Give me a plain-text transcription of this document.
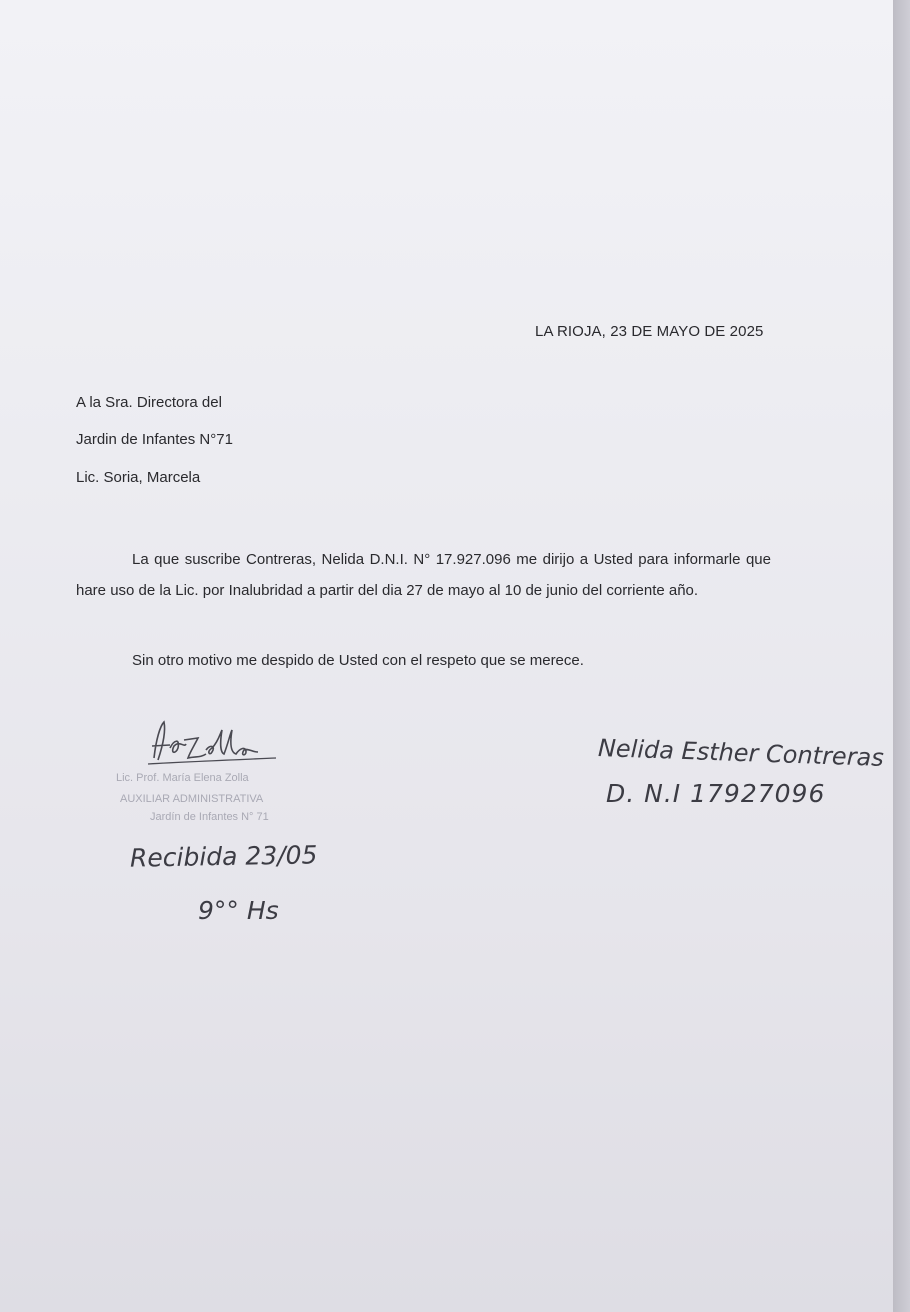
LA RIOJA, 23 DE MAYO DE 2025
A la Sra. Directora del
Jardin de Infantes N°71
Lic. Soria, Marcela
La que suscribe Contreras, Nelida D.N.I. N° 17.927.096 me dirijo a Usted para informarle que hare uso de la Lic. por Inalubridad a partir del dia 27 de mayo al 10 de junio del corriente año.
Sin otro motivo me despido de Usted con el respeto que se merece.
Lic. Prof. María Elena Zolla
AUXILIAR ADMINISTRATIVA
Jardín de Infantes N° 71
Recibida 23/05
9°° Hs
Nelida Esther Contreras
D. N.I 17927096
